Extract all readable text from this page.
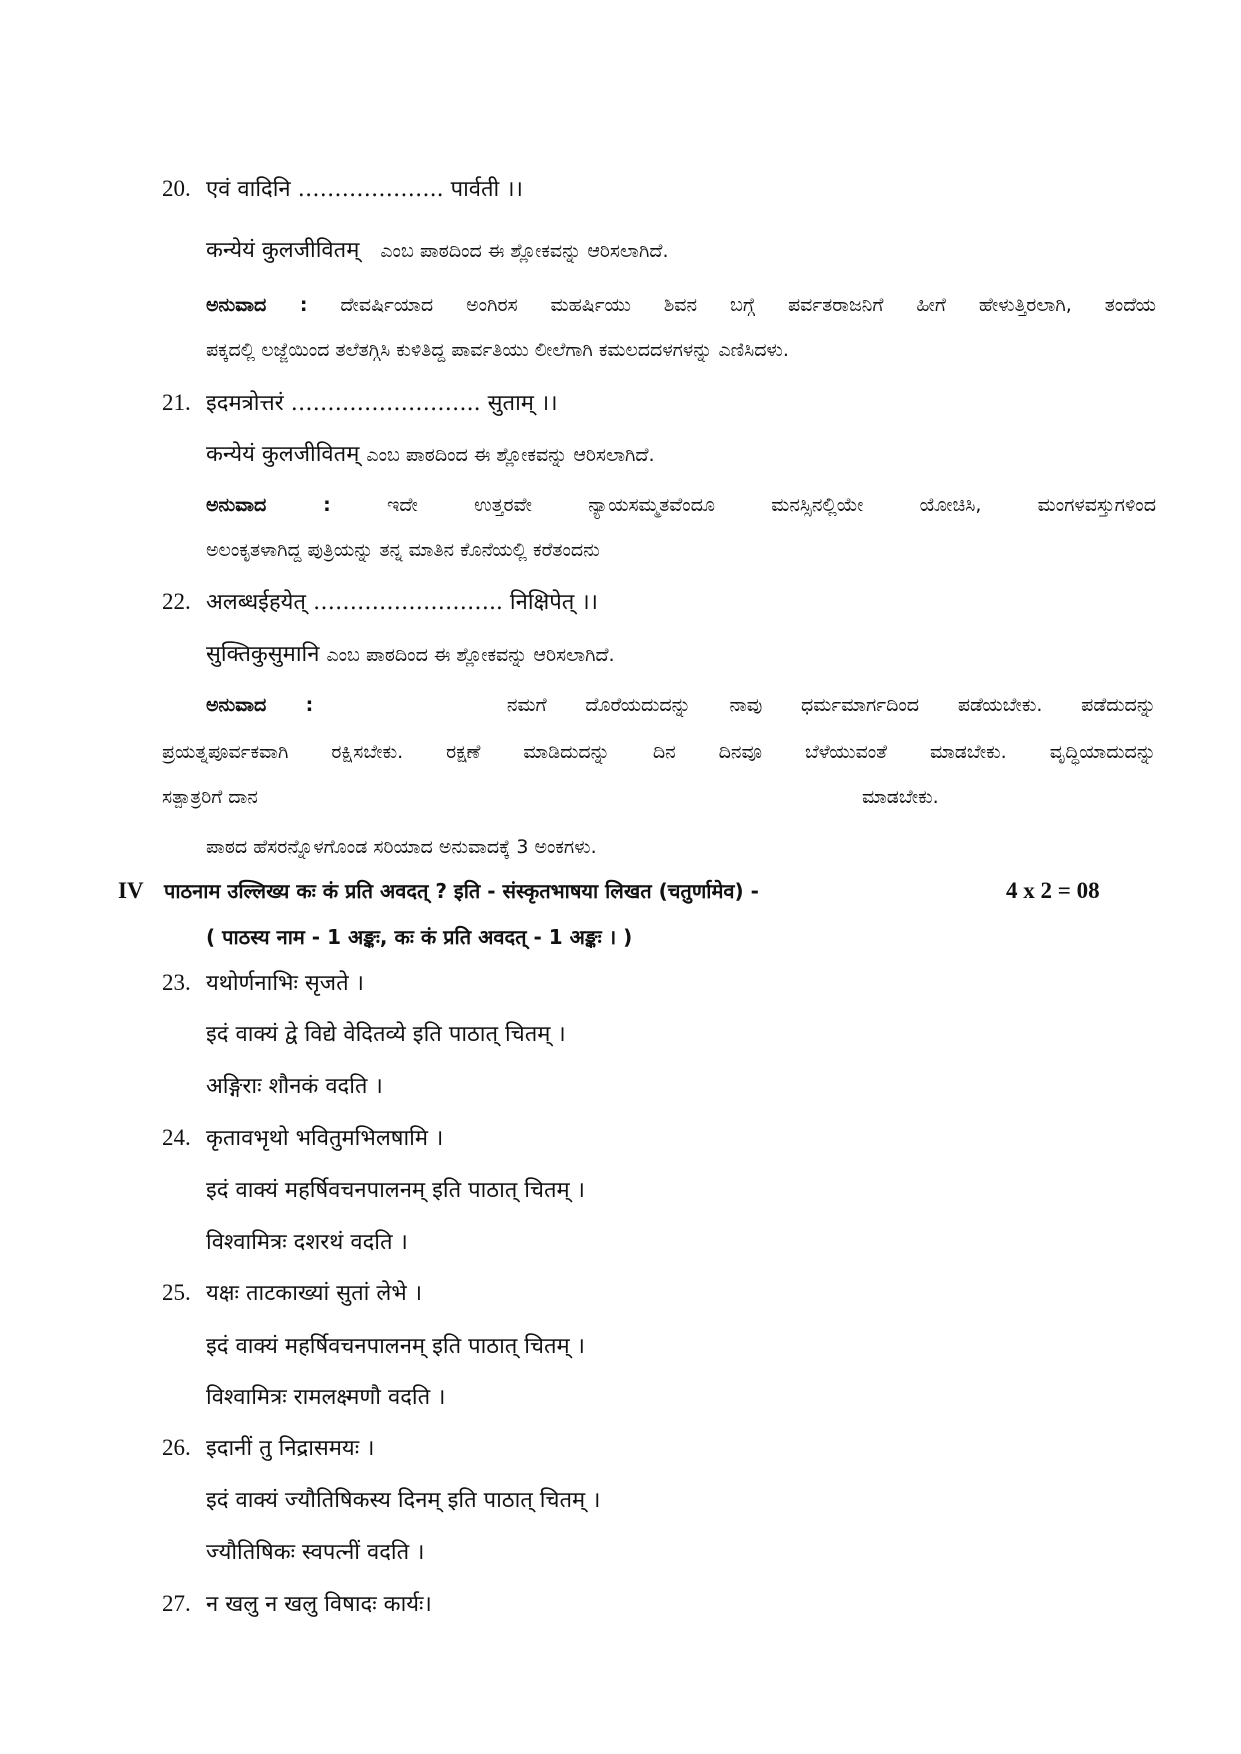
20. एवं वादिनि ……………….. पार्वती ।।
कन्येयं कुलजीवितम् ಎಂಬ ಪಾಠದಿಂದ ಈ ಶ್ಲೋಕವನ್ನು ಆರಿಸಲಾಗಿದೆ.
ಅನುವಾದ : ದೇವರ್ಷಿಯಾದ ಅಂಗಿರಸ ಮಹರ್ಷಿಯು ಶಿವನ ಬಗ್ಗೆ ಪರ್ವತರಾಜನಿಗೆ ಹೀಗೆ ಹೇಳುತ್ತಿರಲಾಗಿ, ತಂದೆಯ
ಪಕ್ಕದಲ್ಲಿ ಲಜ್ಜೆಯಿಂದ ತಲೆತಗ್ಗಿಸಿ ಕುಳಿತಿದ್ದ ಪಾರ್ವತಿಯು ಲೀಲೆಗಾಗಿ ಕಮಲದದಳಗಳನ್ನು ಎಣಿಸಿದಳು.
21. इदमत्रोत्तरं …………………….. सुताम् ।।
कन्येयं कुलजीवितम् ಎಂಬ ಪಾಠದಿಂದ ಈ ಶ್ಲೋಕವನ್ನು ಆರಿಸಲಾಗಿದೆ.
ಅನುವಾದ :	ಇದೇ ಉತ್ತರವೇ ನ್ಯಾಯಸಮ್ಮತವೆಂದೂ ಮನಸ್ಸಿನಲ್ಲಿಯೇ ಯೋಚಿಸಿ, ಮಂಗಳವಸ್ತುಗಳಿಂದ
ಅಲಂಕೃತಳಾಗಿದ್ದ ಪುತ್ರಿಯನ್ನು ತನ್ನ ಮಾತಿನ ಕೊನೆಯಲ್ಲಿ ಕರೆತಂದನು
22. अलब्धईहयेत् …………………….. निक्षिपेत् ।।
सुक्तिकुसुमानि ಎಂಬ ಪಾಠದಿಂದ ಈ ಶ್ಲೋಕವನ್ನು ಆರಿಸಲಾಗಿದೆ.
ಅನುವಾದ :	ನಮಗೆ ದೊರೆಯದುದನ್ನು ನಾವು ಧರ್ಮಮಾರ್ಗದಿಂದ ಪಡೆಯಬೇಕು. ಪಡೆದುದನ್ನು
ಪ್ರಯತ್ನಪೂರ್ವಕವಾಗಿ ರಕ್ಷಿಸಬೇಕು. ರಕ್ಷಣೆ ಮಾಡಿದುದನ್ನು ದಿನ ದಿನವೂ ಬೆಳೆಯುವಂತೆ ಮಾಡಬೇಕು. ವೃದ್ಧಿಯಾದುದನ್ನು
ಸತ್ಪಾತ್ರರಿಗೆ ದಾನ	ಮಾಡಬೇಕು.
ಪಾಠದ ಹೆಸರನ್ನೊಳಗೊಂಡ ಸರಿಯಾದ ಅನುವಾದಕ್ಕೆ 3 ಅಂಕಗಳು.
IV पाठनाम उल्लिख्य कः कं प्रति अवदत् ? इति - संस्कृतभाषया लिखत (चतुर्णामेव) -	4 x 2 = 08
( पाठस्य नाम - 1 अङ्कः, कः कं प्रति अवदत् - 1 अङ्कः । )
23. यथोर्णनाभिः सृजते ।
इदं वाक्यं द्वे विद्ये वेदितव्ये इति पाठात् चितम् ।
अङ्गिराः शौनकं वदति ।
24. कृतावभृथो भवितुमभिलषामि ।
इदं वाक्यं महर्षिवचनपालनम् इति पाठात् चितम् ।
विश्वामित्रः दशरथं वदति ।
25. यक्षः ताटकाख्यां सुतां लेभे ।
इदं वाक्यं महर्षिवचनपालनम् इति पाठात् चितम् ।
विश्वामित्रः रामलक्ष्मणौ वदति ।
26. इदानीं तु निद्रासमयः ।
इदं वाक्यं ज्यौतिषिकस्य दिनम् इति पाठात् चितम् ।
ज्यौतिषिकः स्वपत्नीं वदति ।
27. न खलु न खलु विषादः कार्यः।
